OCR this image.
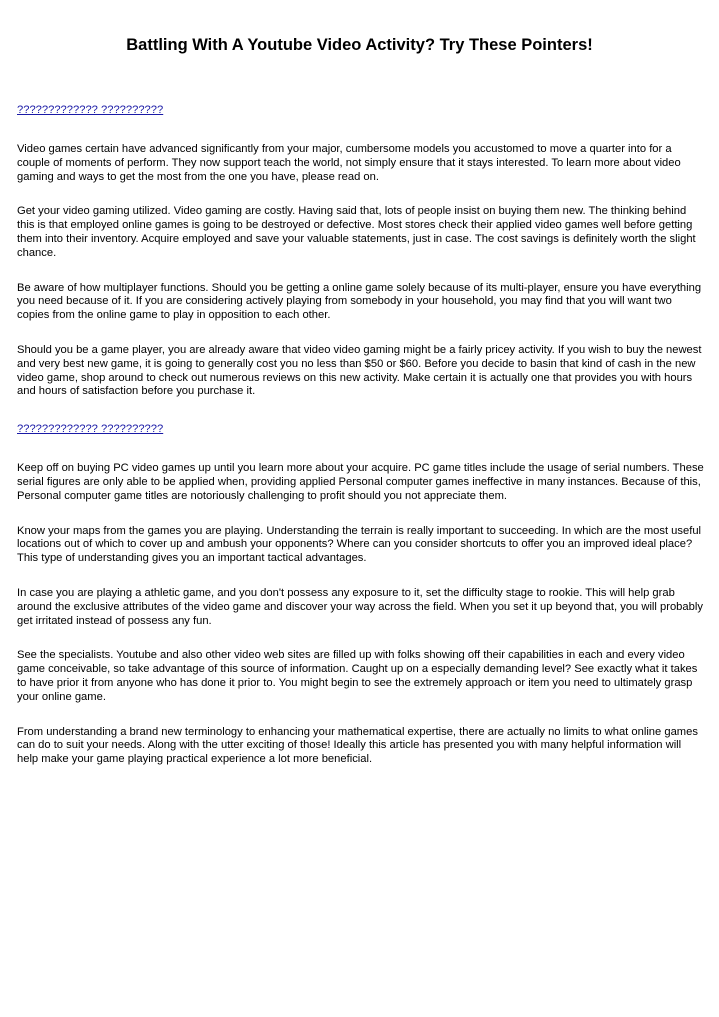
Battling With A Youtube Video Activity? Try These Pointers!
????????????? ??????????

Video games certain have advanced significantly from your major, cumbersome models you accustomed to move a quarter into for a couple of moments of perform. They now support teach the world, not simply ensure that it stays interested. To learn more about video gaming and ways to get the most from the one you have, please read on.

Get your video gaming utilized. Video gaming are costly. Having said that, lots of people insist on buying them new. The thinking behind this is that employed online games is going to be destroyed or defective. Most stores check their applied video games well before getting them into their inventory. Acquire employed and save your valuable statements, just in case. The cost savings is definitely worth the slight chance.

Be aware of how multiplayer functions. Should you be getting a online game solely because of its multi-player, ensure you have everything you need because of it. If you are considering actively playing from somebody in your household, you may find that you will want two copies from the online game to play in opposition to each other.

Should you be a game player, you are already aware that video video gaming might be a fairly pricey activity. If you wish to buy the newest and very best new game, it is going to generally cost you no less than $50 or $60. Before you decide to basin that kind of cash in the new video game, shop around to check out numerous reviews on this new activity. Make certain it is actually one that provides you with hours and hours of satisfaction before you purchase it.

????????????? ??????????

Keep off on buying PC video games up until you learn more about your acquire. PC game titles include the usage of serial numbers. These serial figures are only able to be applied when, providing applied Personal computer games ineffective in many instances. Because of this, Personal computer game titles are notoriously challenging to profit should you not appreciate them.

Know your maps from the games you are playing. Understanding the terrain is really important to succeeding. In which are the most useful locations out of which to cover up and ambush your opponents? Where can you consider shortcuts to offer you an improved ideal place? This type of understanding gives you an important tactical advantages.

In case you are playing a athletic game, and you don't possess any exposure to it, set the difficulty stage to rookie. This will help grab around the exclusive attributes of the video game and discover your way across the field. When you set it up beyond that, you will probably get irritated instead of possess any fun.

See the specialists. Youtube and also other video web sites are filled up with folks showing off their capabilities in each and every video game conceivable, so take advantage of this source of information. Caught up on a especially demanding level? See exactly what it takes to have prior it from anyone who has done it prior to. You might begin to see the extremely approach or item you need to ultimately grasp your online game.

From understanding a brand new terminology to enhancing your mathematical expertise, there are actually no limits to what online games can do to suit your needs. Along with the utter exciting of those! Ideally this article has presented you with many helpful information will help make your game playing practical experience a lot more beneficial.
